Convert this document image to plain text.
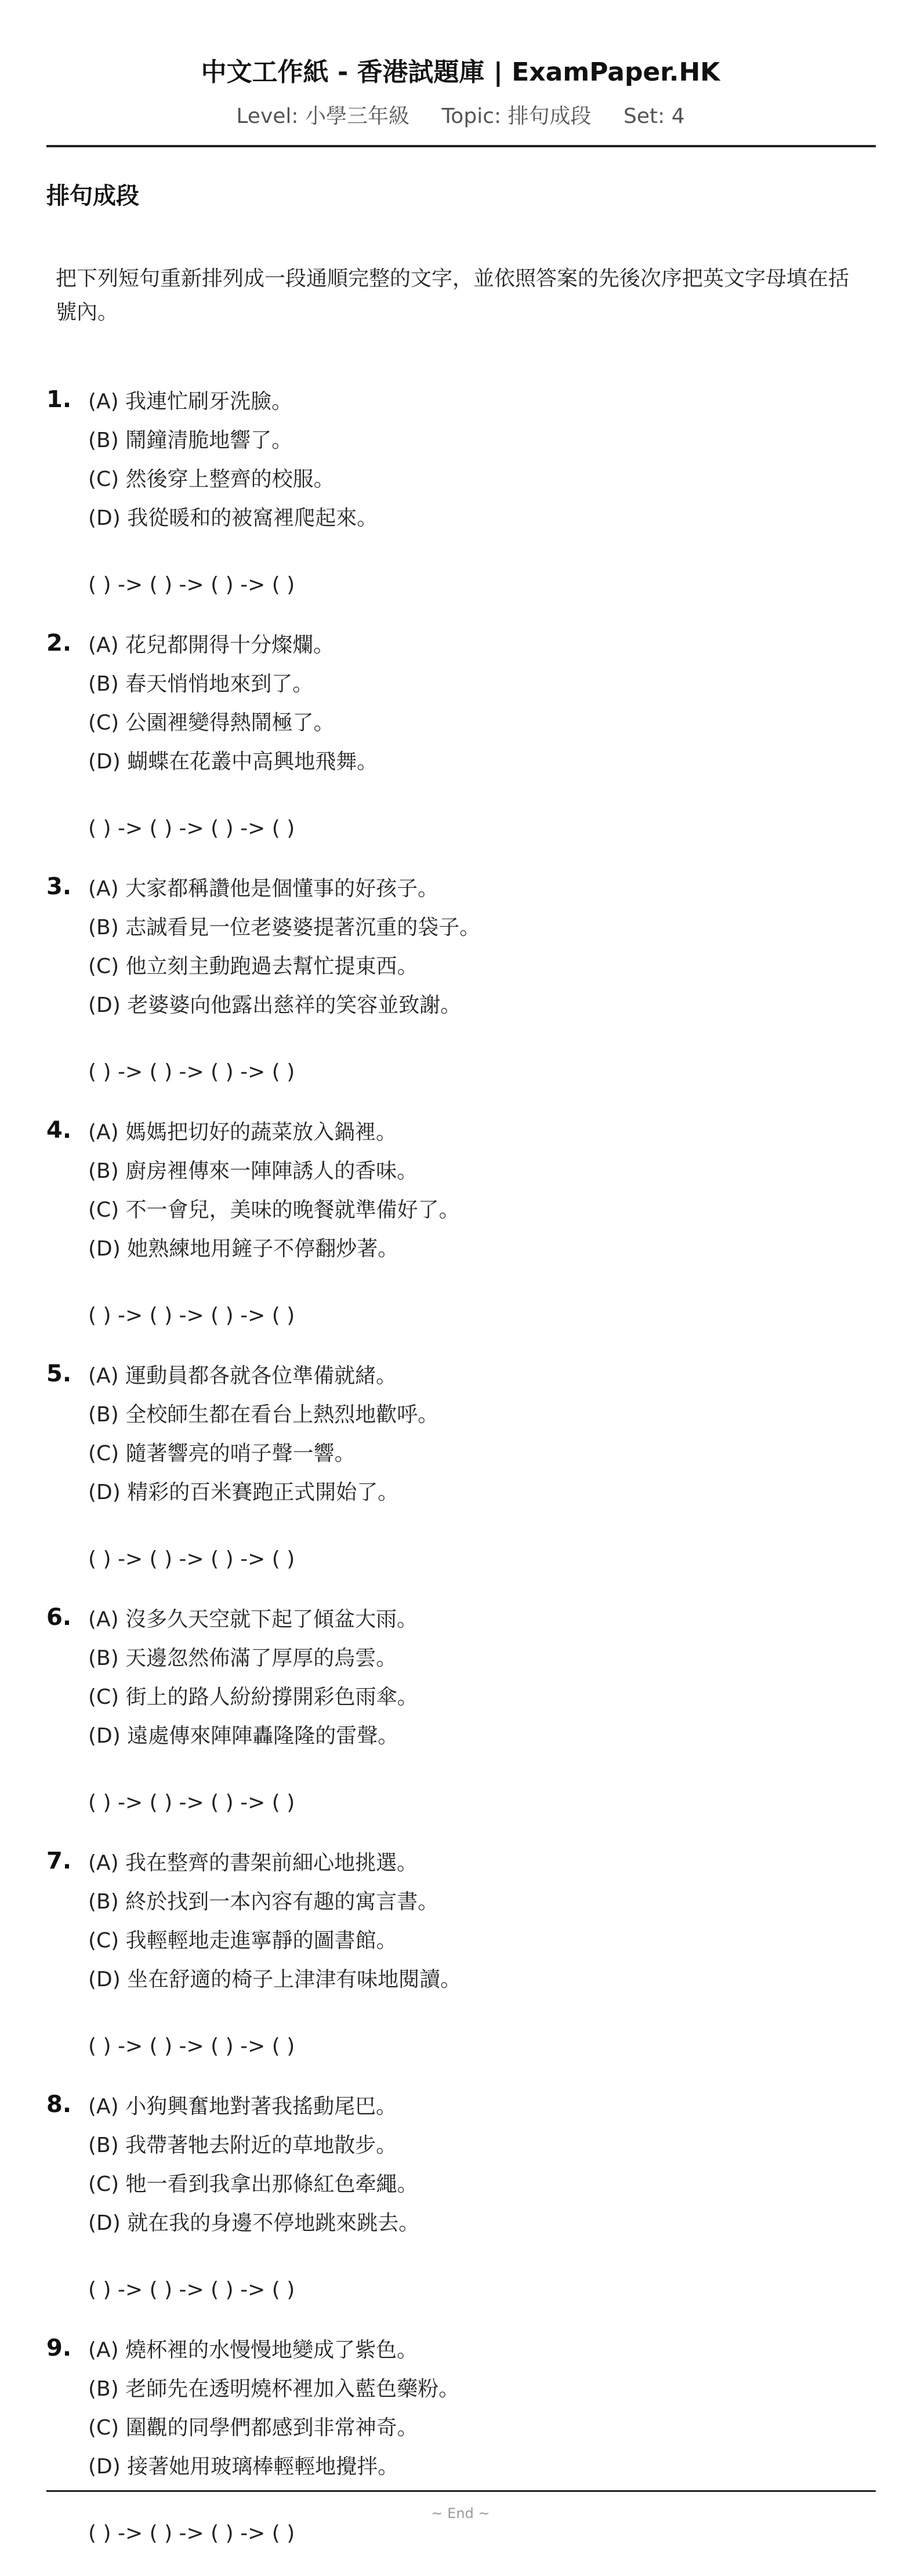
中文工作紙 - 香港試題庫 | ExamPaper.HK
Level: 小學三年級 Topic: 排句成段 Set: 4
排句成段
把下列短句重新排列成一段通順完整的文字，並依照答案的先後次序把英文字母填在括號內。
1. (A) 我連忙刷牙洗臉。
(B) 鬧鐘清脆地響了。
(C) 然後穿上整齊的校服。
(D) 我從暖和的被窩裡爬起來。
( ) -> ( ) -> ( ) -> ( )
2. (A) 花兒都開得十分燦爛。
(B) 春天悄悄地來到了。
(C) 公園裡變得熱鬧極了。
(D) 蝴蝶在花叢中高興地飛舞。
( ) -> ( ) -> ( ) -> ( )
3. (A) 大家都稱讚他是個懂事的好孩子。
(B) 志誠看見一位老婆婆提著沉重的袋子。
(C) 他立刻主動跑過去幫忙提東西。
(D) 老婆婆向他露出慈祥的笑容並致謝。
( ) -> ( ) -> ( ) -> ( )
4. (A) 媽媽把切好的蔬菜放入鍋裡。
(B) 廚房裡傳來一陣陣誘人的香味。
(C) 不一會兒，美味的晚餐就準備好了。
(D) 她熟練地用鏟子不停翻炒著。
( ) -> ( ) -> ( ) -> ( )
5. (A) 運動員都各就各位準備就緒。
(B) 全校師生都在看台上熱烈地歡呼。
(C) 隨著響亮的哨子聲一響。
(D) 精彩的百米賽跑正式開始了。
( ) -> ( ) -> ( ) -> ( )
6. (A) 沒多久天空就下起了傾盆大雨。
(B) 天邊忽然佈滿了厚厚的烏雲。
(C) 街上的路人紛紛撐開彩色雨傘。
(D) 遠處傳來陣陣轟隆隆的雷聲。
( ) -> ( ) -> ( ) -> ( )
7. (A) 我在整齊的書架前細心地挑選。
(B) 終於找到一本內容有趣的寓言書。
(C) 我輕輕地走進寧靜的圖書館。
(D) 坐在舒適的椅子上津津有味地閱讀。
( ) -> ( ) -> ( ) -> ( )
8. (A) 小狗興奮地對著我搖動尾巴。
(B) 我帶著牠去附近的草地散步。
(C) 牠一看到我拿出那條紅色牽繩。
(D) 就在我的身邊不停地跳來跳去。
( ) -> ( ) -> ( ) -> ( )
9. (A) 燒杯裡的水慢慢地變成了紫色。
(B) 老師先在透明燒杯裡加入藍色藥粉。
(C) 圍觀的同學們都感到非常神奇。
(D) 接著她用玻璃棒輕輕地攪拌。
( ) -> ( ) -> ( ) -> ( )
~ End ~
